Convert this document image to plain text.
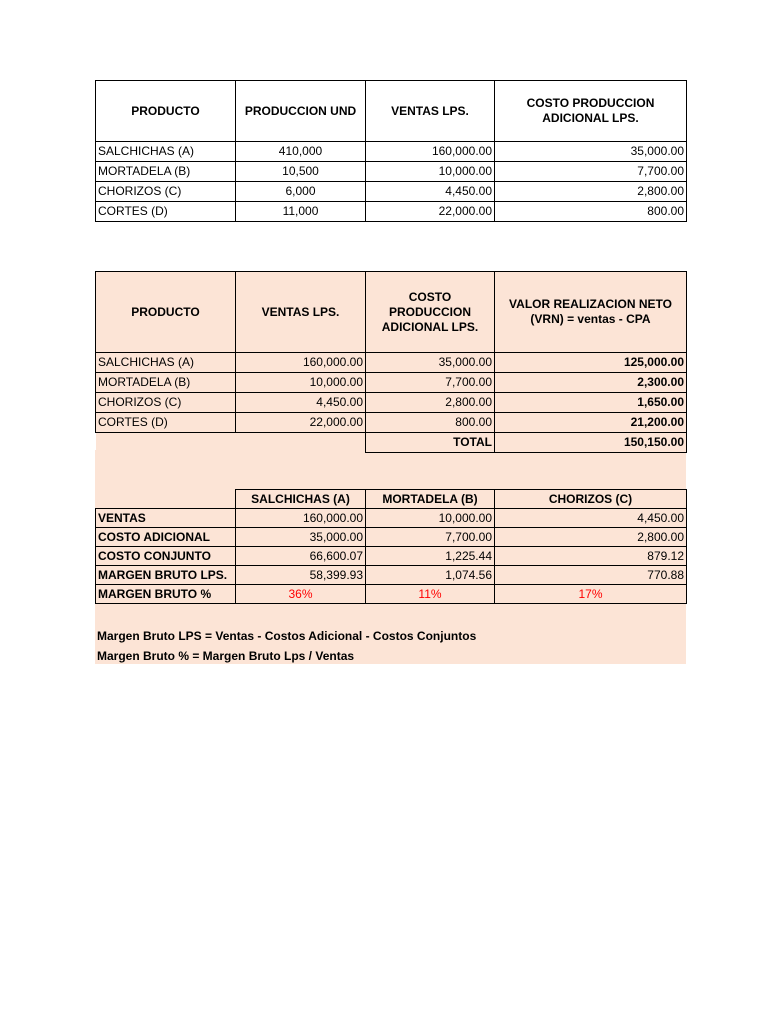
PRODUCTO	PRODUCCION UND	VENTAS LPS.	COSTO PRODUCCION ADICIONAL LPS.
SALCHICHAS (A)	410,000	160,000.00	35,000.00
MORTADELA (B)	10,500	10,000.00	7,700.00
CHORIZOS (C)	6,000	4,450.00	2,800.00
CORTES (D)	11,000	22,000.00	800.00
PRODUCTO	VENTAS LPS.	COSTO PRODUCCION ADICIONAL LPS.	VALOR REALIZACION NETO (VRN) = ventas - CPA
SALCHICHAS (A)	160,000.00	35,000.00	125,000.00
MORTADELA (B)	10,000.00	7,700.00	2,300.00
CHORIZOS (C)	4,450.00	2,800.00	1,650.00
CORTES (D)	22,000.00	800.00	21,200.00
		TOTAL	150,150.00
	SALCHICHAS (A)	MORTADELA (B)	CHORIZOS (C)
VENTAS	160,000.00	10,000.00	4,450.00
COSTO ADICIONAL	35,000.00	7,700.00	2,800.00
COSTO CONJUNTO	66,600.07	1,225.44	879.12
MARGEN BRUTO LPS.	58,399.93	1,074.56	770.88
MARGEN BRUTO %	36%	11%	17%
Margen Bruto LPS = Ventas - Costos Adicional - Costos Conjuntos
Margen Bruto % = Margen Bruto Lps / Ventas
